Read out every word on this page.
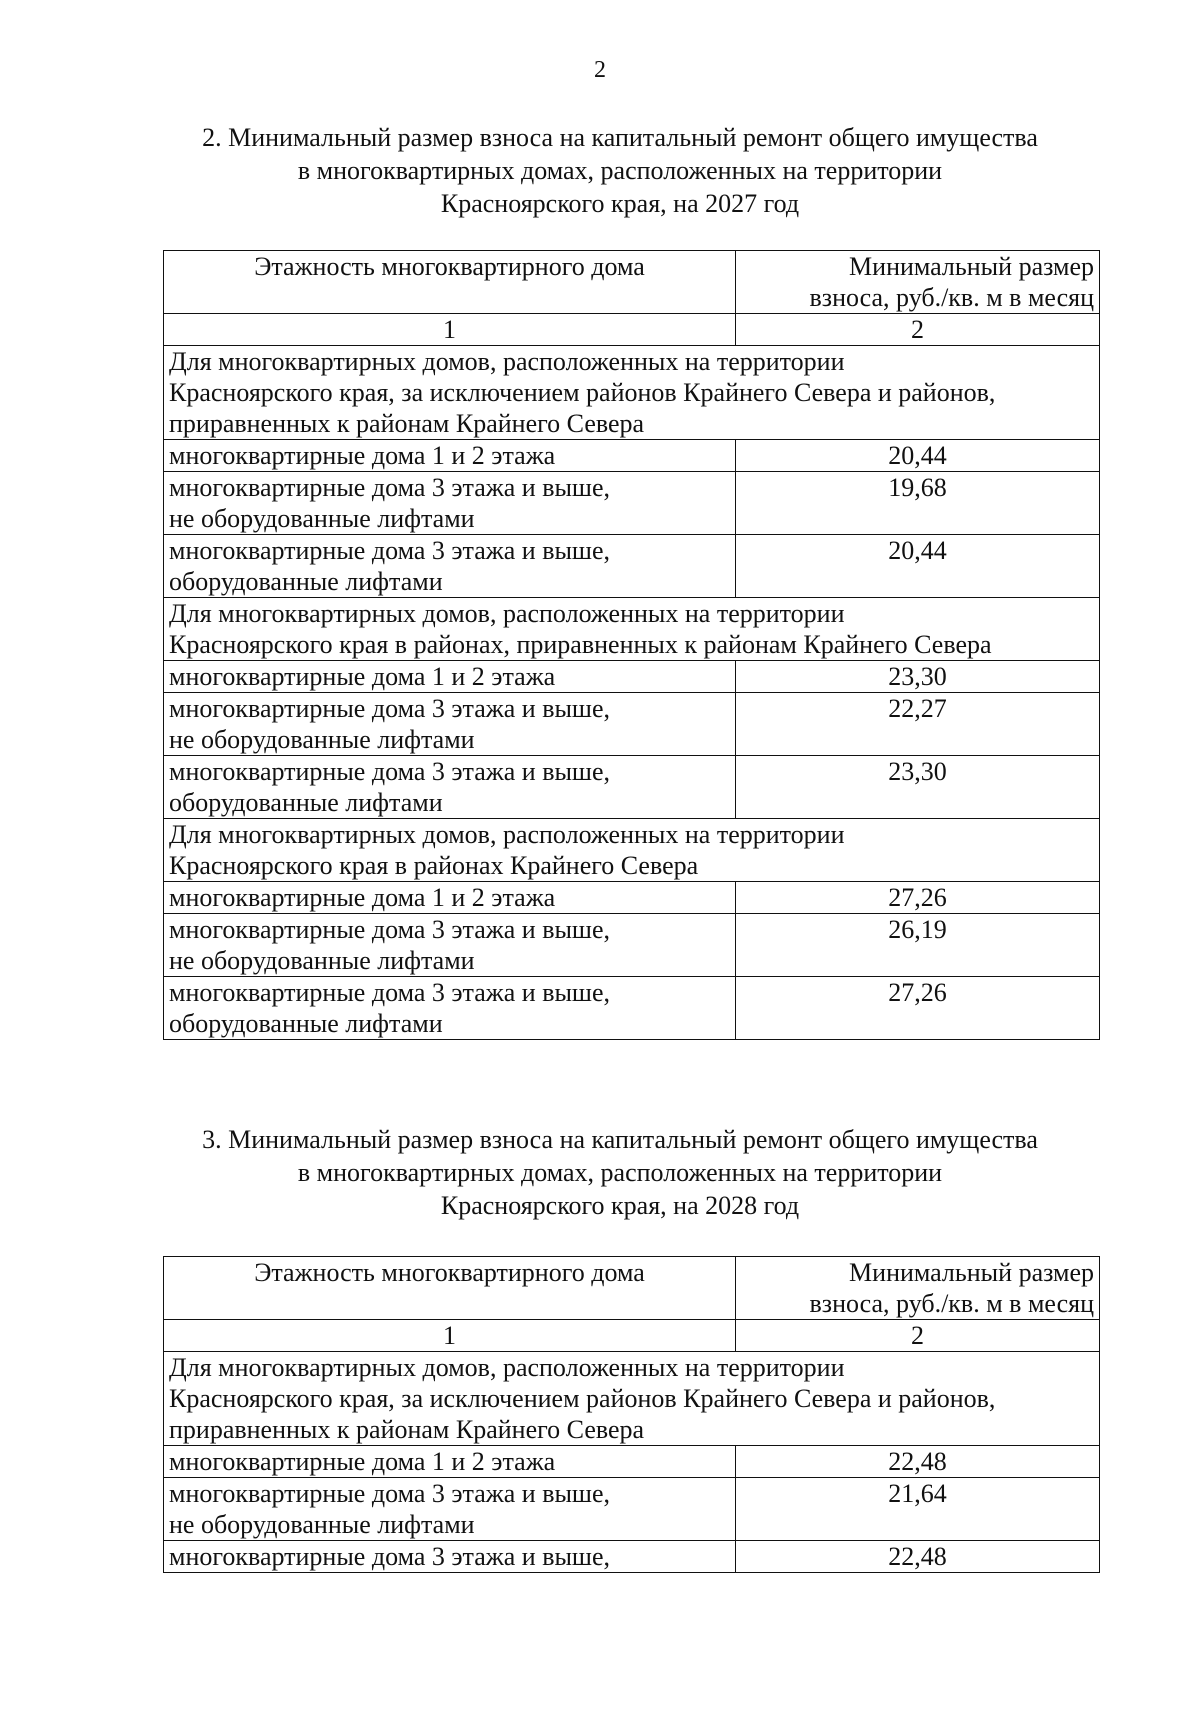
2
2. Минимальный размер взноса на капитальный ремонт общего имущества
в многоквартирных домах, расположенных на территории
Красноярского края, на 2027 год
Этажность многоквартирного дома	Минимальный размер
взноса, руб./кв. м в месяц

1	2

Для многоквартирных домов, расположенных на территории
Красноярского края, за исключением районов Крайнего Севера и районов,
приравненных к районам Крайнего Севера	

многоквартирные дома 1 и 2 этажа	20,44

многоквартирные дома 3 этажа и выше,
не оборудованные лифтами	19,68

многоквартирные дома 3 этажа и выше,
оборудованные лифтами	20,44

Для многоквартирных домов, расположенных на территории
Красноярского края в районах, приравненных к районам Крайнего Севера	

многоквартирные дома 1 и 2 этажа	23,30

многоквартирные дома 3 этажа и выше,
не оборудованные лифтами	22,27

многоквартирные дома 3 этажа и выше,
оборудованные лифтами	23,30

Для многоквартирных домов, расположенных на территории
Красноярского края в районах Крайнего Севера	

многоквартирные дома 1 и 2 этажа	27,26

многоквартирные дома 3 этажа и выше,
не оборудованные лифтами	26,19

многоквартирные дома 3 этажа и выше,
оборудованные лифтами	27,26
3. Минимальный размер взноса на капитальный ремонт общего имущества
в многоквартирных домах, расположенных на территории
Красноярского края, на 2028 год
Этажность многоквартирного дома	Минимальный размер
взноса, руб./кв. м в месяц

1	2

Для многоквартирных домов, расположенных на территории
Красноярского края, за исключением районов Крайнего Севера и районов,
приравненных к районам Крайнего Севера	

многоквартирные дома 1 и 2 этажа	22,48

многоквартирные дома 3 этажа и выше,
не оборудованные лифтами	21,64

многоквартирные дома 3 этажа и выше,	22,48
